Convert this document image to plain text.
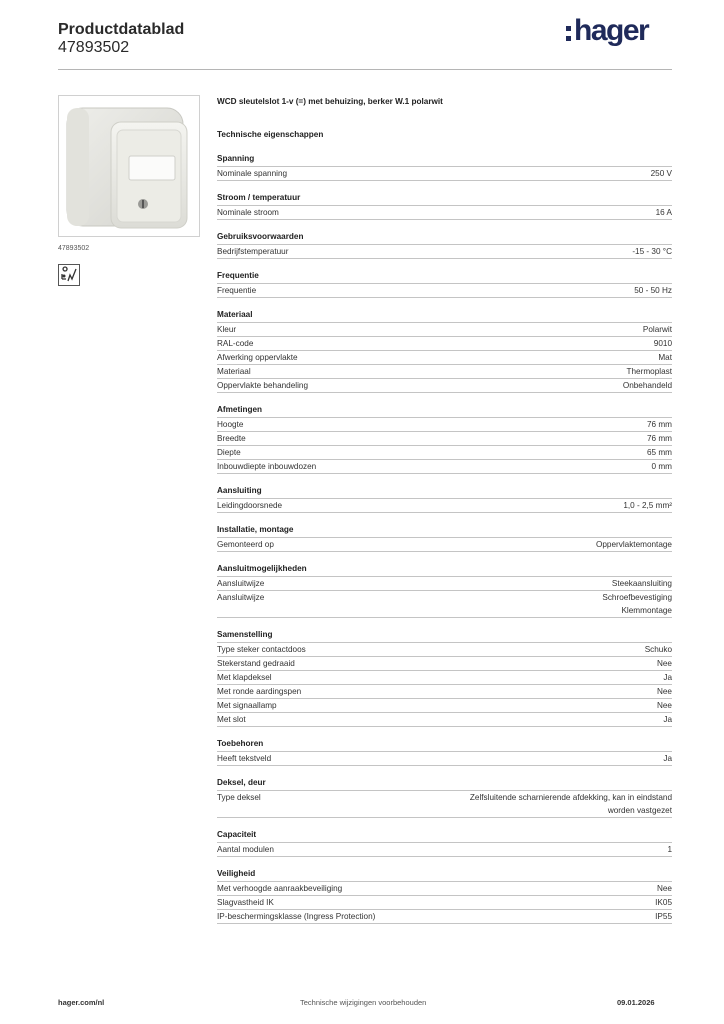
Productdatablad
47893502
hager
47893502
WCD sleutelslot 1-v (=) met behuizing, berker W.1 polarwit
Technische eigenschappen
Spanning
Nominale spanning	250 V
Stroom / temperatuur
Nominale stroom	16 A
Gebruiksvoorwaarden
Bedrijfstemperatuur	-15 - 30 °C
Frequentie
Frequentie	50 - 50 Hz
Materiaal
Kleur	Polarwit
RAL-code	9010
Afwerking oppervlakte	Mat
Materiaal	Thermoplast
Oppervlakte behandeling	Onbehandeld
Afmetingen
Hoogte	76 mm
Breedte	76 mm
Diepte	65 mm
Inbouwdiepte inbouwdozen	0 mm
Aansluiting
Leidingdoorsnede	1,0 - 2,5 mm²
Installatie, montage
Gemonteerd op	Oppervlaktemontage
Aansluitmogelijkheden
Aansluitwijze	Steekaansluiting
Aansluitwijze	Schroefbevestiging
Klemmontage
Samenstelling
Type steker contactdoos	Schuko
Stekerstand gedraaid	Nee
Met klapdeksel	Ja
Met ronde aardingspen	Nee
Met signaallamp	Nee
Met slot	Ja
Toebehoren
Heeft tekstveld	Ja
Deksel, deur
Type deksel	Zelfsluitende scharnierende afdekking, kan in eindstand
worden vastgezet
Capaciteit
Aantal modulen	1
Veiligheid
Met verhoogde aanraakbeveiliging	Nee
Slagvastheid IK	IK05
IP-beschermingsklasse (Ingress Protection)	IP55
hager.com/nl	Technische wijzigingen voorbehouden	09.01.2026
